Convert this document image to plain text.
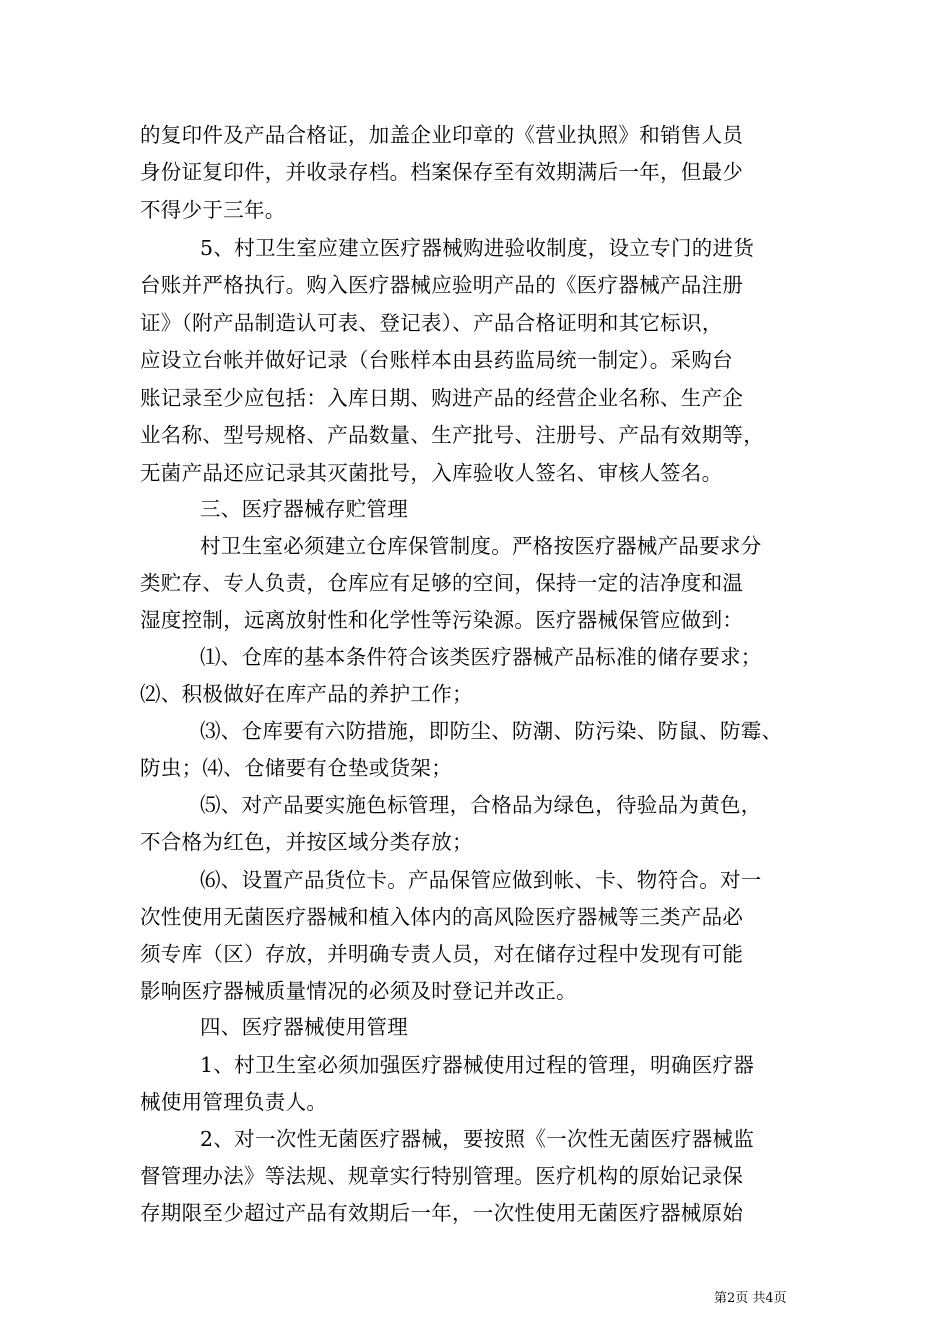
的复印件及产品合格证，加盖企业印章的《营业执照》和销售人员
身份证复印件，并收录存档。档案保存至有效期满后一年，但最少
不得少于三年。
5、村卫生室应建立医疗器械购进验收制度，设立专门的进货
台账并严格执行。购入医疗器械应验明产品的《医疗器械产品注册
证》（附产品制造认可表、登记表）、产品合格证明和其它标识，
应设立台帐并做好记录（台账样本由县药监局统一制定）。采购台
账记录至少应包括：入库日期、购进产品的经营企业名称、生产企
业名称、型号规格、产品数量、生产批号、注册号、产品有效期等，
无菌产品还应记录其灭菌批号，入库验收人签名、审核人签名。
三、医疗器械存贮管理
村卫生室必须建立仓库保管制度。严格按医疗器械产品要求分
类贮存、专人负责，仓库应有足够的空间，保持一定的洁净度和温
湿度控制，远离放射性和化学性等污染源。医疗器械保管应做到：
⑴、仓库的基本条件符合该类医疗器械产品标准的储存要求；
⑵、积极做好在库产品的养护工作；
⑶、仓库要有六防措施，即防尘、防潮、防污染、防鼠、防霉、
防虫；⑷、仓储要有仓垫或货架；
⑸、对产品要实施色标管理，合格品为绿色，待验品为黄色，
不合格为红色，并按区域分类存放；
⑹、设置产品货位卡。产品保管应做到帐、卡、物符合。对一
次性使用无菌医疗器械和植入体内的高风险医疗器械等三类产品必
须专库（区）存放，并明确专责人员，对在储存过程中发现有可能
影响医疗器械质量情况的必须及时登记并改正。
四、医疗器械使用管理
1、村卫生室必须加强医疗器械使用过程的管理，明确医疗器
械使用管理负责人。
2、对一次性无菌医疗器械，要按照《一次性无菌医疗器械监
督管理办法》等法规、规章实行特别管理。医疗机构的原始记录保
存期限至少超过产品有效期后一年，一次性使用无菌医疗器械原始
第2页 共4页
